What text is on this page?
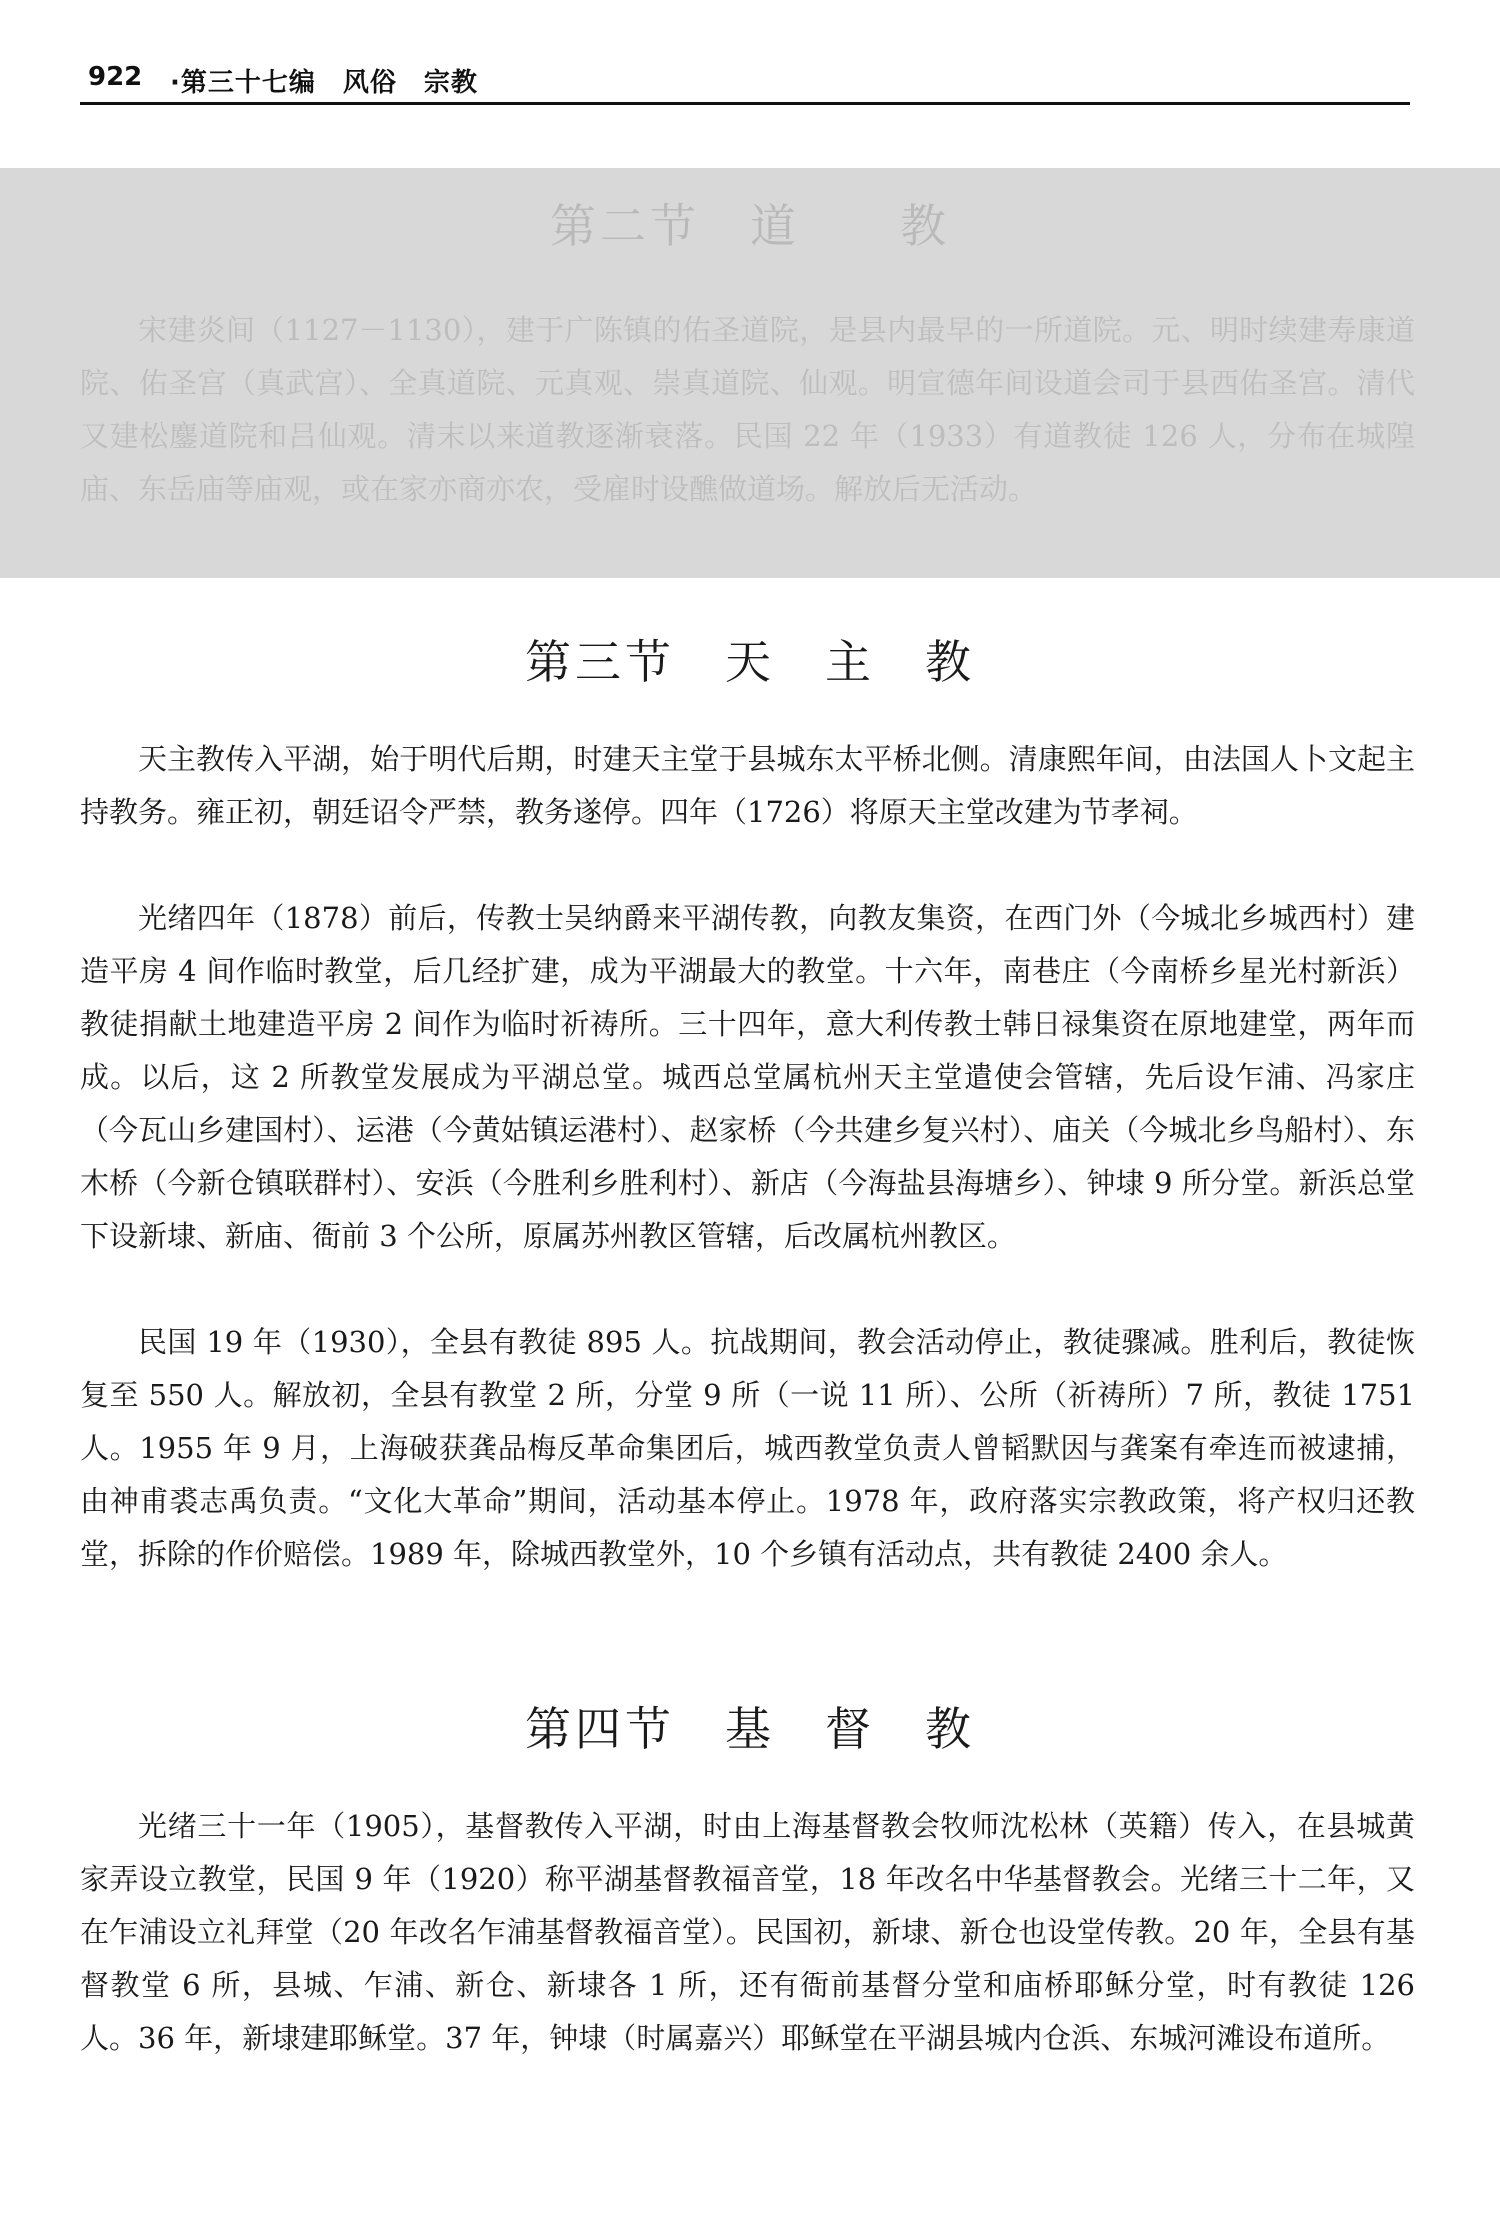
922 ·第三十七编　风俗　宗教
第二节　道　　教

宋建炎间（1127－1130），建于广陈镇的佑圣道院，是县内最早的一所道院。元、明时续建寿康道院、佑圣宫（真武宫）、全真道院、元真观、崇真道院、仙观。明宣德年间设道会司于县西佑圣宫。清代又建松鏖道院和吕仙观。清末以来道教逐渐衰落。民国 22 年（1933）有道教徒 126 人，分布在城隍庙、东岳庙等庙观，或在家亦商亦农，受雇时设醮做道场。解放后无活动。

第三节　天　主　教

天主教传入平湖，始于明代后期，时建天主堂于县城东太平桥北侧。清康熙年间，由法国人卜文起主持教务。雍正初，朝廷诏令严禁，教务遂停。四年（1726）将原天主堂改建为节孝祠。

光绪四年（1878）前后，传教士吴纳爵来平湖传教，向教友集资，在西门外（今城北乡城西村）建造平房 4 间作临时教堂，后几经扩建，成为平湖最大的教堂。十六年，南巷庄（今南桥乡星光村新浜）教徒捐献土地建造平房 2 间作为临时祈祷所。三十四年，意大利传教士韩日禄集资在原地建堂，两年而成。以后，这 2 所教堂发展成为平湖总堂。城西总堂属杭州天主堂遣使会管辖，先后设乍浦、冯家庄（今瓦山乡建国村）、运港（今黄姑镇运港村）、赵家桥（今共建乡复兴村）、庙关（今城北乡鸟船村）、东木桥（今新仓镇联群村）、安浜（今胜利乡胜利村）、新店（今海盐县海塘乡）、钟埭 9 所分堂。新浜总堂下设新埭、新庙、衙前 3 个公所，原属苏州教区管辖，后改属杭州教区。

民国 19 年（1930），全县有教徒 895 人。抗战期间，教会活动停止，教徒骤减。胜利后，教徒恢复至 550 人。解放初，全县有教堂 2 所，分堂 9 所（一说 11 所）、公所（祈祷所）7 所，教徒 1751 人。1955 年 9 月，上海破获龚品梅反革命集团后，城西教堂负责人曾韬默因与龚案有牵连而被逮捕，由神甫裘志禹负责。“文化大革命”期间，活动基本停止。1978 年，政府落实宗教政策，将产权归还教堂，拆除的作价赔偿。1989 年，除城西教堂外，10 个乡镇有活动点，共有教徒 2400 余人。

第四节　基　督　教

光绪三十一年（1905），基督教传入平湖，时由上海基督教会牧师沈松林（英籍）传入，在县城黄家弄设立教堂，民国 9 年（1920）称平湖基督教福音堂，18 年改名中华基督教会。光绪三十二年，又在乍浦设立礼拜堂（20 年改名乍浦基督教福音堂）。民国初，新埭、新仓也设堂传教。20 年，全县有基督教堂 6 所，县城、乍浦、新仓、新埭各 1 所，还有衙前基督分堂和庙桥耶稣分堂，时有教徒 126 人。36 年，新埭建耶稣堂。37 年，钟埭（时属嘉兴）耶稣堂在平湖县城内仓浜、东城河滩设布道所。
